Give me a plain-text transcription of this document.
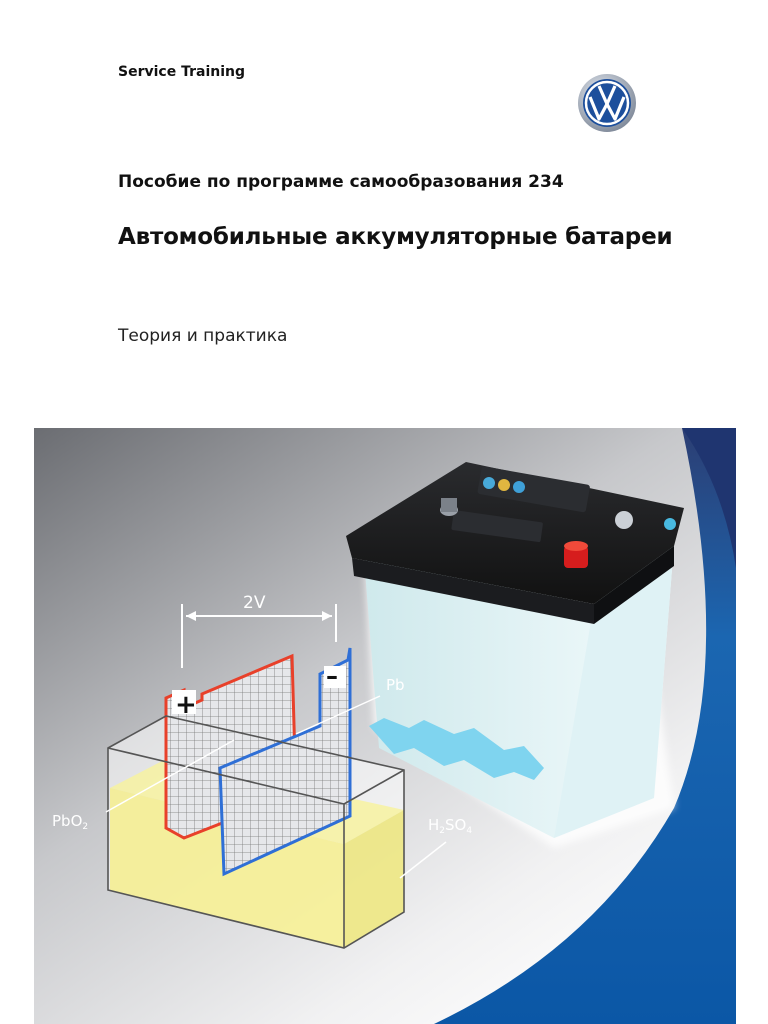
Service Training
Пособие по программе самообразования 234
Автомобильные аккумуляторные батареи
Теория и практика
+
–
2V
PbO$_2$
Pb
$H_2SO_4$
